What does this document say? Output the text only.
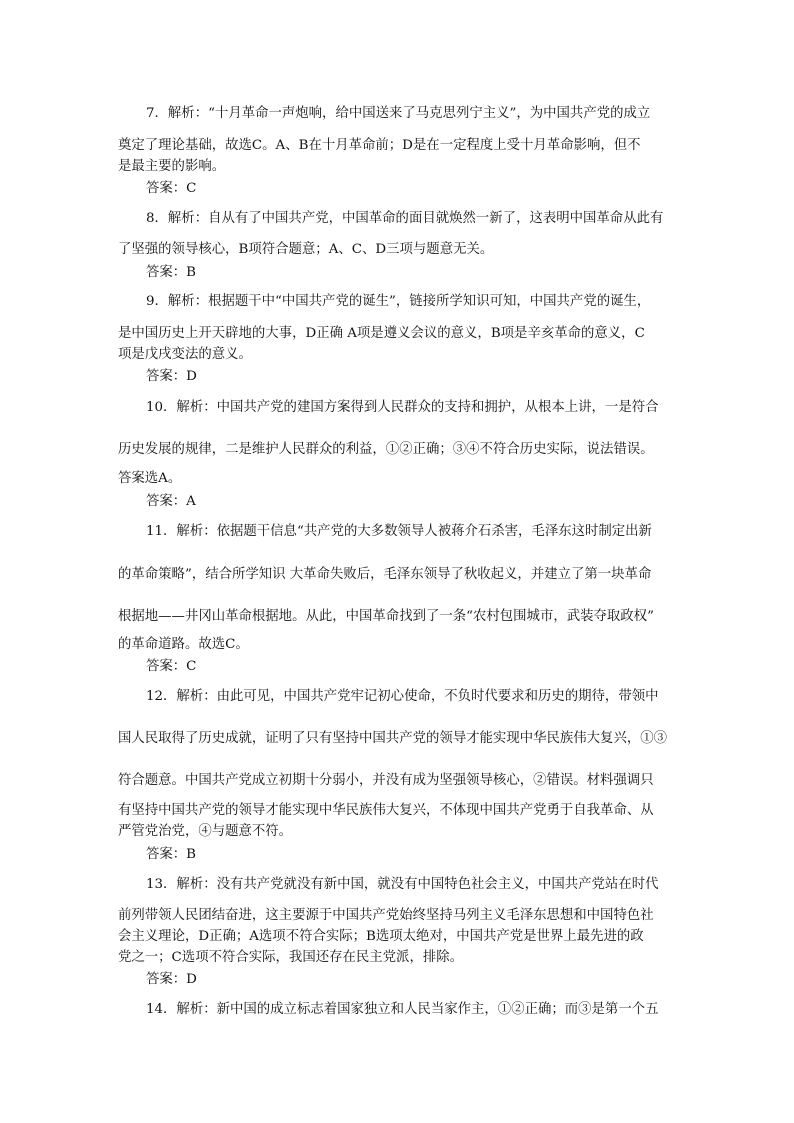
7．解析：“十月革命一声炮响，给中国送来了马克思列宁主义”，为中国共产党的成立
奠定了理论基础，故选C。A、B在十月革命前；D是在一定程度上受十月革命影响，但不
是最主要的影响。
答案：C
8．解析：自从有了中国共产党，中国革命的面目就焕然一新了，这表明中国革命从此有
了坚强的领导核心，B项符合题意；A、C、D三项与题意无关。
答案：B
9．解析：根据题干中“中国共产党的诞生”，链接所学知识可知，中国共产党的诞生，
是中国历史上开天辟地的大事，D正确 A项是遵义会议的意义，B项是辛亥革命的意义，C
项是戊戌变法的意义。
答案：D
10．解析：中国共产党的建国方案得到人民群众的支持和拥护，从根本上讲，一是符合
历史发展的规律，二是维护人民群众的利益，①②正确；③④不符合历史实际，说法错误。
答案选A。
答案：A
11．解析：依据题干信息“共产党的大多数领导人被蒋介石杀害，毛泽东这时制定出新
的革命策略”，结合所学知识 大革命失败后，毛泽东领导了秋收起义，并建立了第一块革命
根据地——井冈山革命根据地。从此，中国革命找到了一条“农村包围城市，武装夺取政权”
的革命道路。故选C。
答案：C
12．解析：由此可见，中国共产党牢记初心使命，不负时代要求和历史的期待，带领中
国人民取得了历史成就，证明了只有坚持中国共产党的领导才能实现中华民族伟大复兴，①③
符合题意。中国共产党成立初期十分弱小，并没有成为坚强领导核心，②错误。材料强调只
有坚持中国共产党的领导才能实现中华民族伟大复兴，不体现中国共产党勇于自我革命、从
严管党治党，④与题意不符。
答案：B
13．解析：没有共产党就没有新中国，就没有中国特色社会主义，中国共产党站在时代
前列带领人民团结奋进，这主要源于中国共产党始终坚持马列主义毛泽东思想和中国特色社
会主义理论，D正确；A选项不符合实际；B选项太绝对，中国共产党是世界上最先进的政
党之一；C选项不符合实际，我国还存在民主党派，排除。
答案：D
14．解析：新中国的成立标志着国家独立和人民当家作主，①②正确；而③是第一个五
